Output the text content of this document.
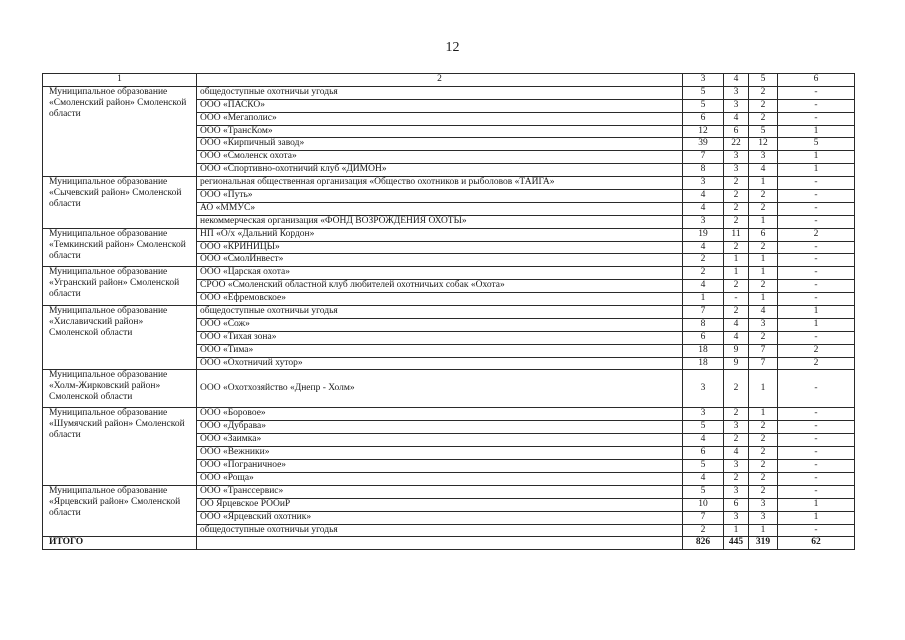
12
1	2	3	4	5	6
Муниципальное образование «Смоленский район» Смоленской области	общедоступные охотничьи угодья	5	3	2	-
	ООО «ПАСКО»	5	3	2	-
	ООО «Мегаполис»	6	4	2	-
	ООО «ТрансКом»	12	6	5	1
	ООО «Кирпичный завод»	39	22	12	5
	ООО «Смоленск охота»	7	3	3	1
	ООО «Спортивно-охотничий клуб «ДИМОН»	8	3	4	1
Муниципальное образование «Сычевский район» Смоленской области	региональная общественная организация «Общество охотников и рыболовов «ТАЙГА»	3	2	1	-
	ООО «Путь»	4	2	2	-
	АО «ММУС»	4	2	2	-
	некоммерческая организация «ФОНД ВОЗРОЖДЕНИЯ ОХОТЫ»	3	2	1	-
Муниципальное образование «Темкинский район» Смоленской области	НП «О/х «Дальний Кордон»	19	11	6	2
	ООО «КРИНИЦЫ»	4	2	2	-
	ООО «СмолИнвест»	2	1	1	-
Муниципальное образование «Угранский район» Смоленской области	ООО «Царская охота»	2	1	1	-
	СРОО «Смоленский областной клуб любителей охотничьих собак «Охота»	4	2	2	-
	ООО «Ефремовское»	1	-	1	-
Муниципальное образование «Хиславичский район» Смоленской области	общедоступные охотничьи угодья	7	2	4	1
	ООО «Сож»	8	4	3	1
	ООО «Тихая зона»	6	4	2	-
	ООО «Тима»	18	9	7	2
	ООО «Охотничий хутор»	18	9	7	2
Муниципальное образование «Холм-Жирковский район» Смоленской области	ООО «Охотхозяйство «Днепр - Холм»	3	2	1	-
Муниципальное образование «Шумячский район» Смоленской области	ООО «Боровое»	3	2	1	-
	ООО «Дубрава»	5	3	2	-
	ООО «Заимка»	4	2	2	-
	ООО «Вежники»	6	4	2	-
	ООО «Пограничное»	5	3	2	-
	ООО «Роща»	4	2	2	-
Муниципальное образование «Ярцевский район» Смоленской области	ООО «Транссервис»	5	3	2	-
	ОО Ярцевское РООиР	10	6	3	1
	ООО «Ярцевский охотник»	7	3	3	1
	общедоступные охотничьи угодья	2	1	1	-
ИТОГО		826	445	319	62
